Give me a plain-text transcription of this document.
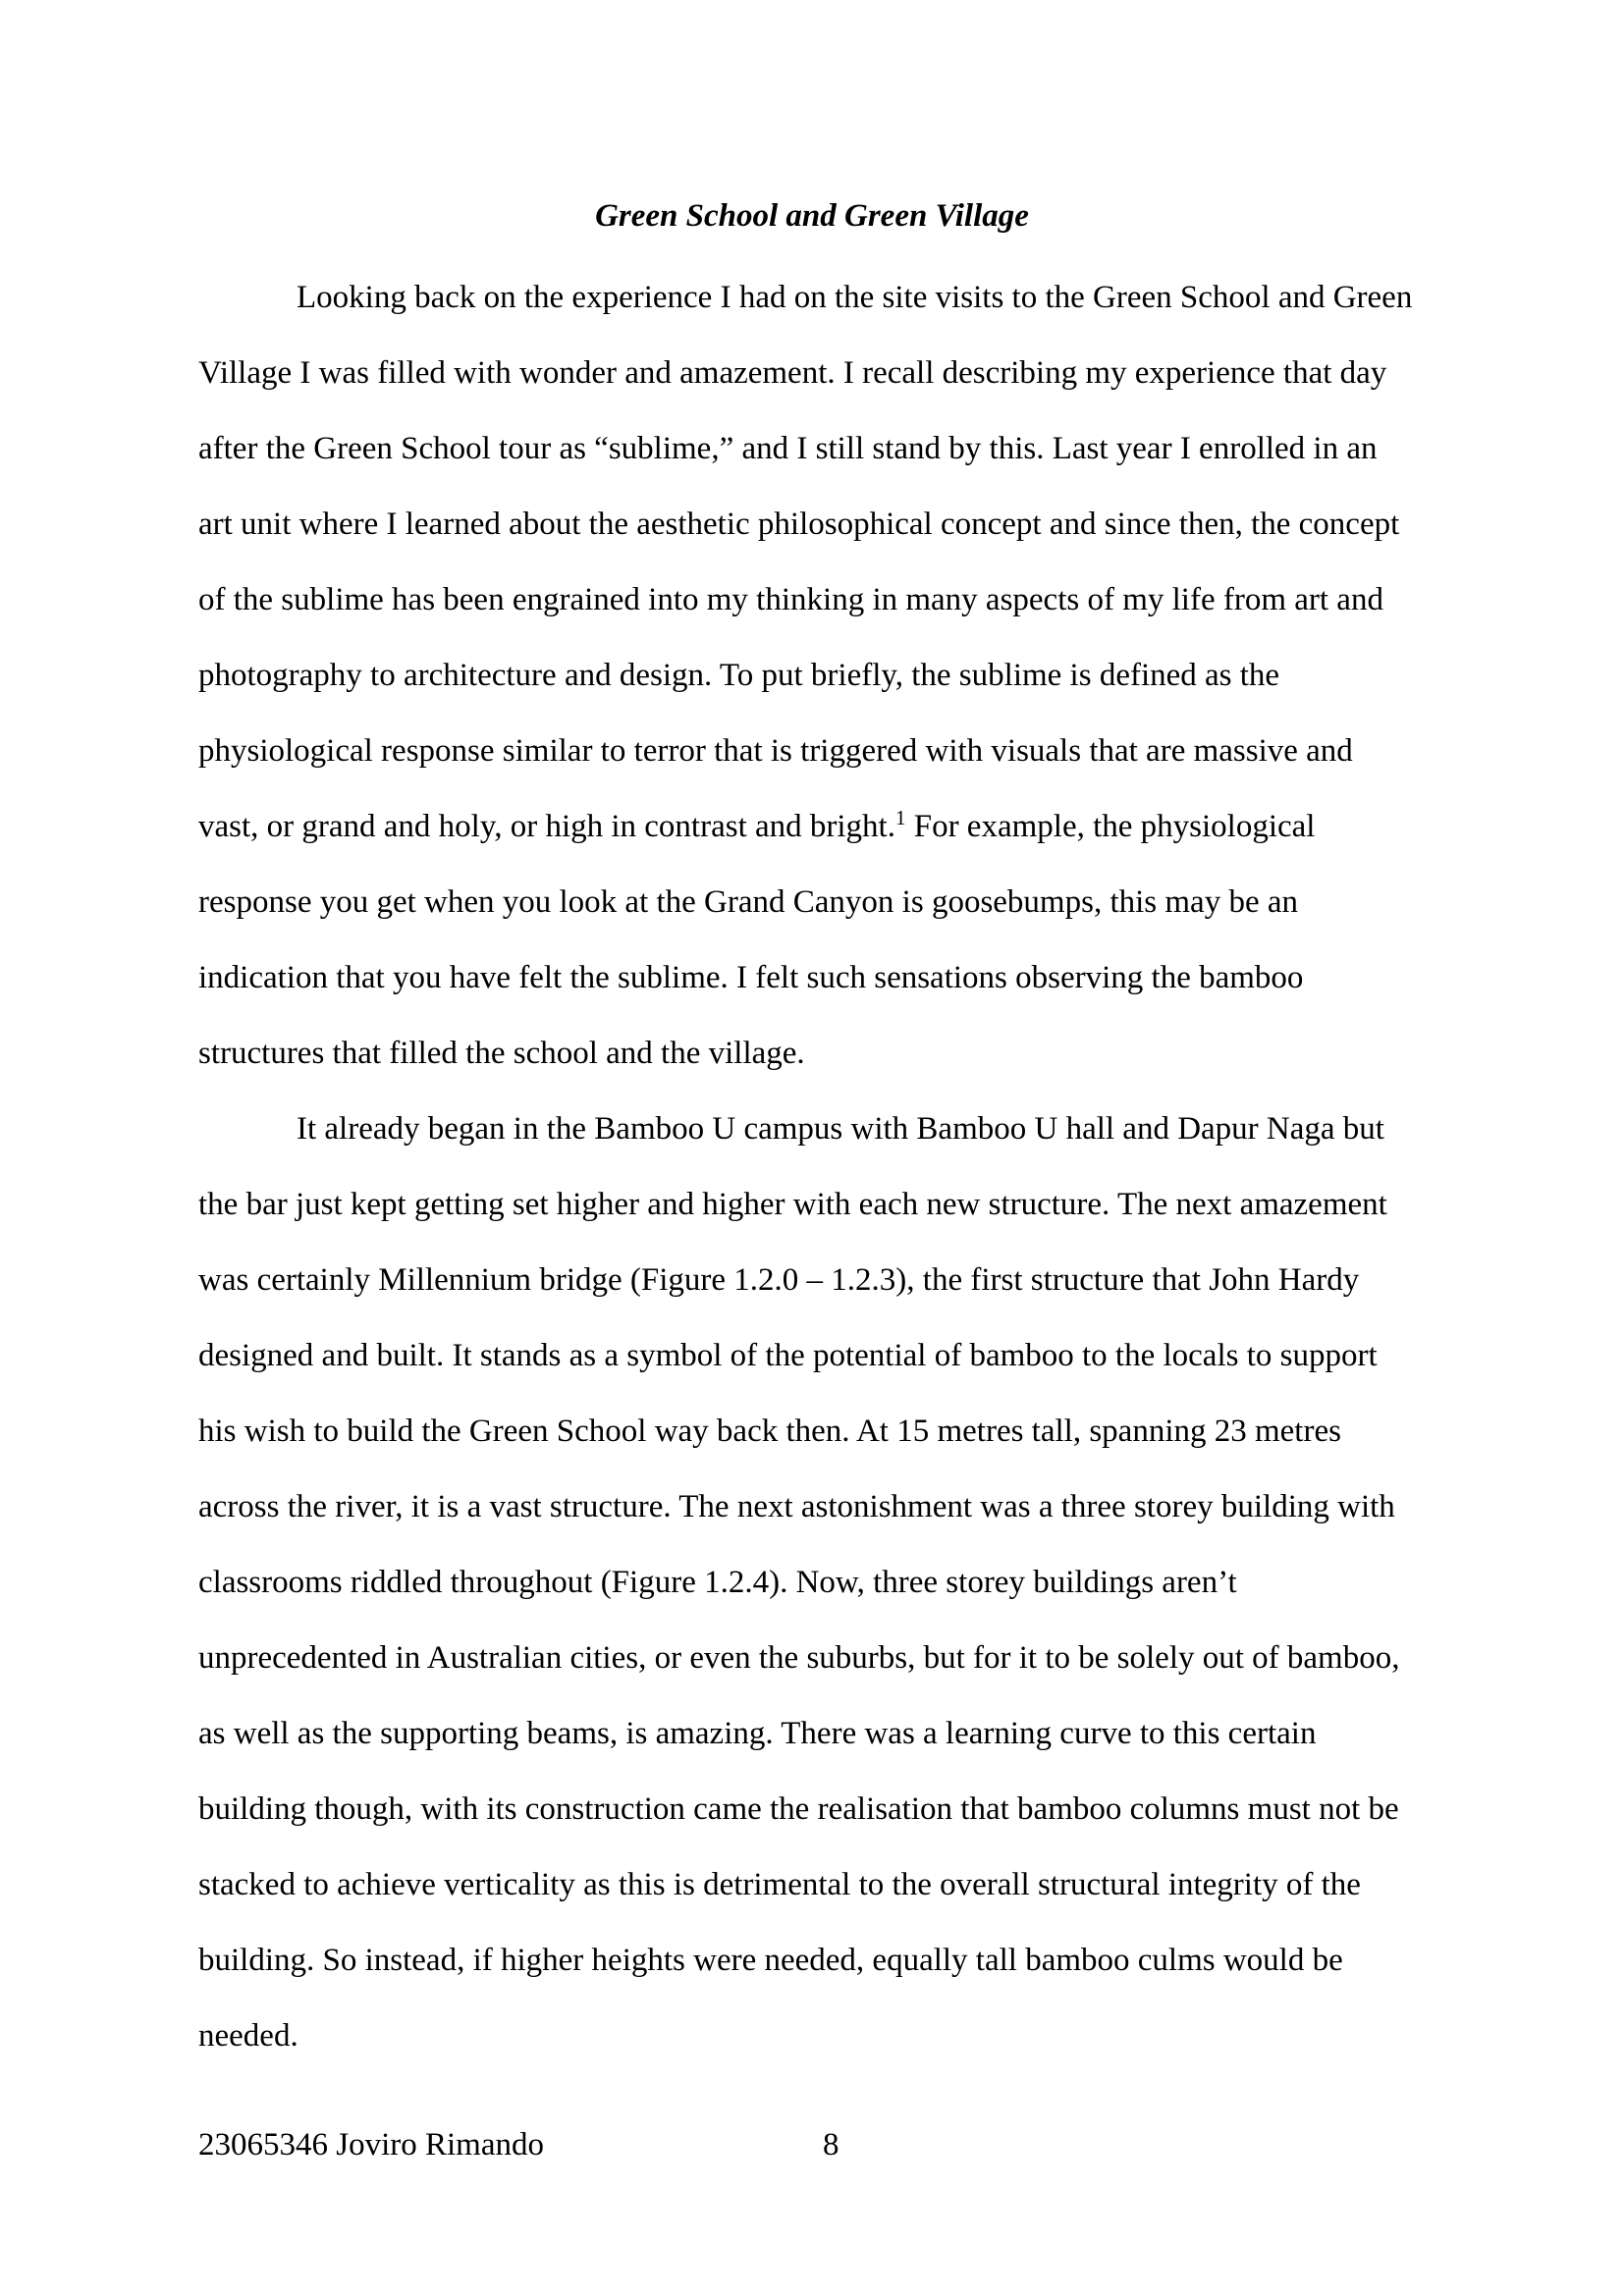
Green School and Green Village
Looking back on the experience I had on the site visits to the Green School and Green
Village I was filled with wonder and amazement. I recall describing my experience that day
after the Green School tour as “sublime,” and I still stand by this. Last year I enrolled in an
art unit where I learned about the aesthetic philosophical concept and since then, the concept
of the sublime has been engrained into my thinking in many aspects of my life from art and
photography to architecture and design. To put briefly, the sublime is defined as the
physiological response similar to terror that is triggered with visuals that are massive and
vast, or grand and holy, or high in contrast and bright.$^1$ For example, the physiological
response you get when you look at the Grand Canyon is goosebumps, this may be an
indication that you have felt the sublime. I felt such sensations observing the bamboo
structures that filled the school and the village.
It already began in the Bamboo U campus with Bamboo U hall and Dapur Naga but
the bar just kept getting set higher and higher with each new structure. The next amazement
was certainly Millennium bridge (Figure 1.2.0 – 1.2.3), the first structure that John Hardy
designed and built. It stands as a symbol of the potential of bamboo to the locals to support
his wish to build the Green School way back then. At 15 metres tall, spanning 23 metres
across the river, it is a vast structure. The next astonishment was a three storey building with
classrooms riddled throughout (Figure 1.2.4). Now, three storey buildings aren’t
unprecedented in Australian cities, or even the suburbs, but for it to be solely out of bamboo,
as well as the supporting beams, is amazing. There was a learning curve to this certain
building though, with its construction came the realisation that bamboo columns must not be
stacked to achieve verticality as this is detrimental to the overall structural integrity of the
building. So instead, if higher heights were needed, equally tall bamboo culms would be
needed.
23065346 Joviro Rimando	8
